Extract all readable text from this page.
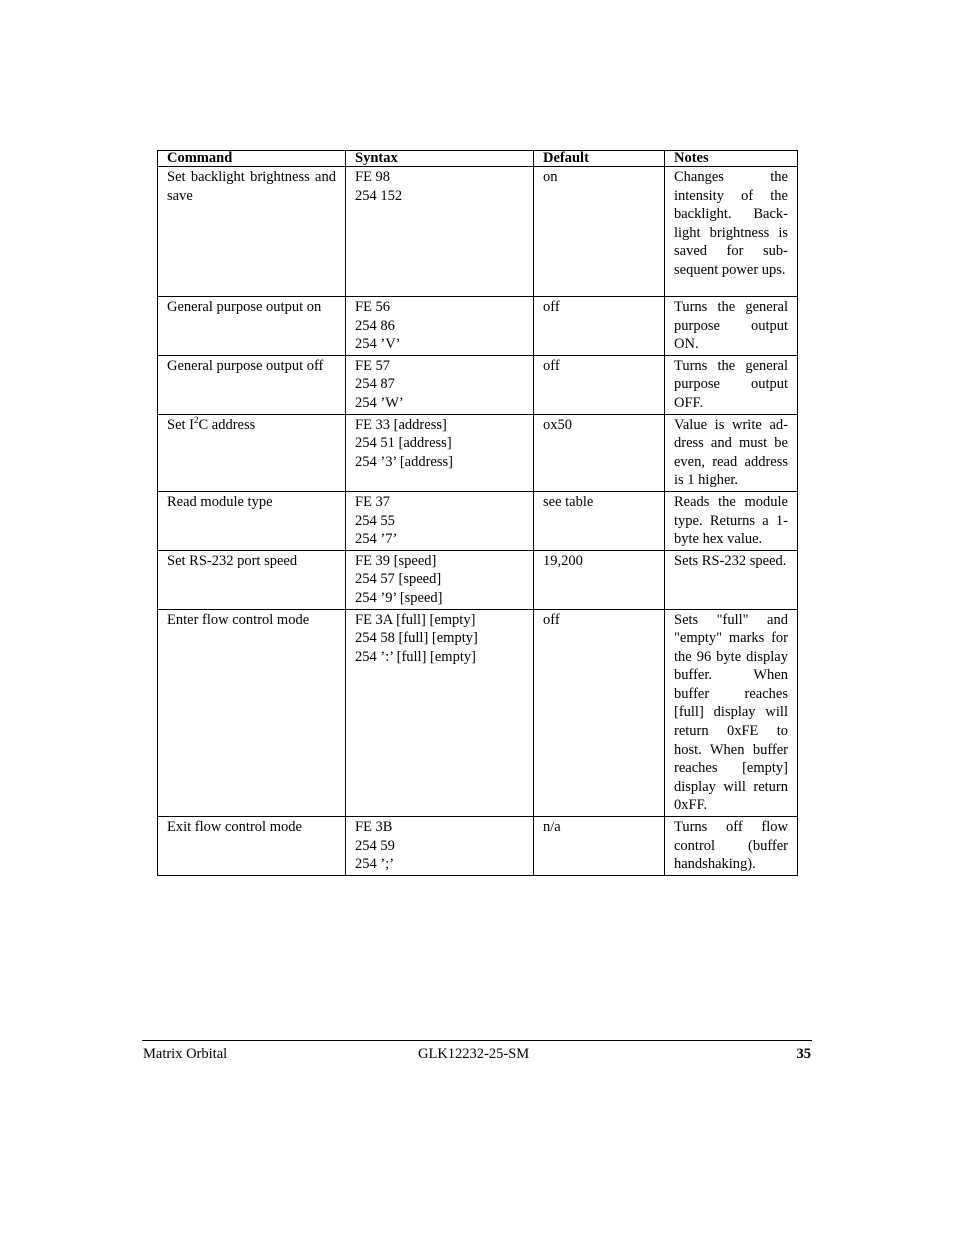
Command	Syntax	Default	Notes
Set backlight brightness and save	FE 98
254 152	on	Changes the intensity of the backlight. Backlight brightness is saved for subsequent power ups.
General purpose output on	FE 56
254 86
254 ’V’	off	Turns the general purpose output ON.
General purpose output off	FE 57
254 87
254 ’W’	off	Turns the general purpose output OFF.
Set $I^2C$ address	FE 33 [address]
254 51 [address]
254 ’3’ [address]	ox50	Value is write address and must be even, read address is 1 higher.
Read module type	FE 37
254 55
254 ’7’	see table	Reads the module type. Returns a 1-byte hex value.
Set RS-232 port speed	FE 39 [speed]
254 57 [speed]
254 ’9’ [speed]	19,200	Sets RS-232 speed.
Enter flow control mode	FE 3A [full] [empty]
254 58 [full] [empty]
254 ’:’ [full] [empty]	off	Sets "full" and "empty" marks for the 96 byte display buffer. When buffer reaches [full] display will return 0xFE to host. When buffer reaches [empty] display will return 0xFF.
Exit flow control mode	FE 3B
254 59
254 ’;’	n/a	Turns off flow control (buffer handshaking).
Matrix Orbital	GLK12232-25-SM	35
